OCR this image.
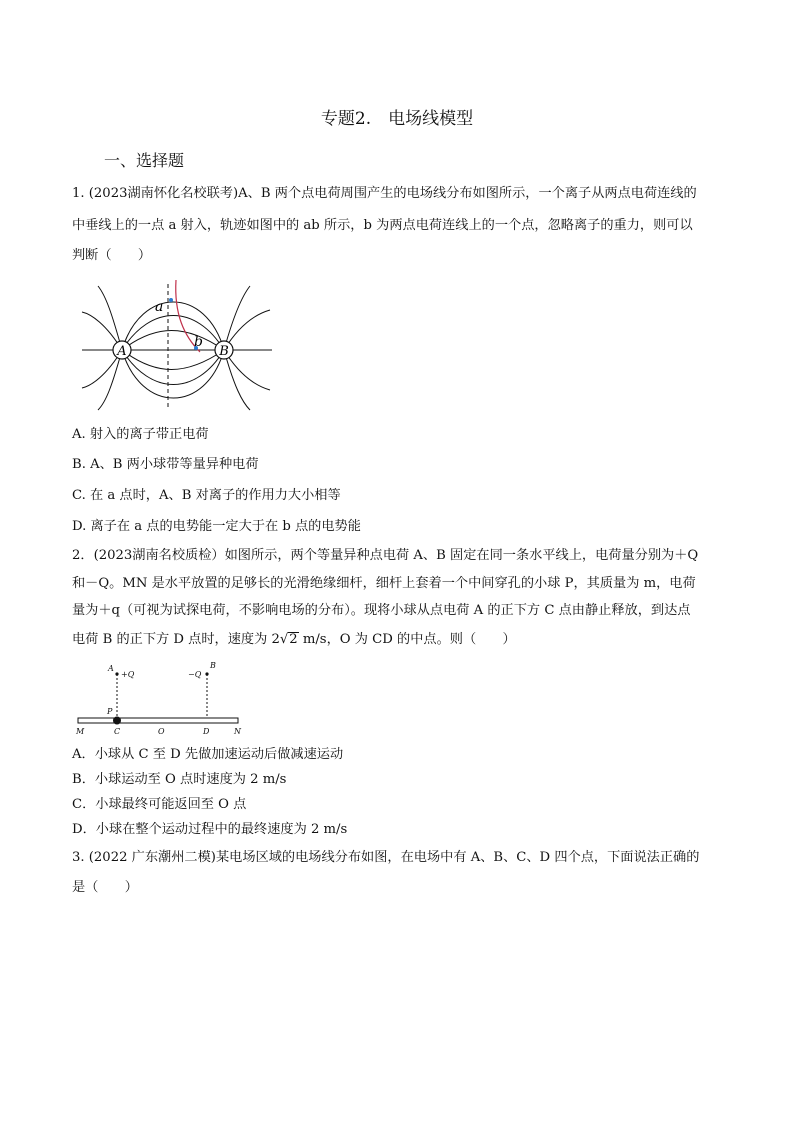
专题2.　电场线模型
一、选择题
1. (2023湖南怀化名校联考)A、B 两个点电荷周围产生的电场线分布如图所示，一个离子从两点电荷连线的
中垂线上的一点 a 射入，轨迹如图中的 ab 所示，b 为两点电荷连线上的一个点，忽略离子的重力，则可以
判断（　　）
A	B
a
b
A. 射入的离子带正电荷
B. A、B 两小球带等量异种电荷
C. 在 a 点时，A、B 对离子的作用力大小相等
D. 离子在 a 点的电势能一定大于在 b 点的电势能
2．(2023湖南名校质检）如图所示，两个等量异种点电荷 A、B 固定在同一条水平线上，电荷量分别为＋Q
和－Q。MN 是水平放置的足够长的光滑绝缘细杆，细杆上套着一个中间穿孔的小球 P，其质量为 m，电荷
量为＋q（可视为试探电荷，不影响电场的分布）。现将小球从点电荷 A 的正下方 C 点由静止释放，到达点
电荷 B 的正下方 D 点时，速度为 2√2 m/s，O 为 CD 的中点。则（　　）
A
+Q	−Q
B
P
M	C	O	D	N
A．小球从 C 至 D 先做加速运动后做减速运动
B．小球运动至 O 点时速度为 2 m/s
C．小球最终可能返回至 O 点
D．小球在整个运动过程中的最终速度为 2 m/s
3. (2022 广东潮州二模)某电场区域的电场线分布如图，在电场中有 A、B、C、D 四个点，下面说法正确的
是（　　）
